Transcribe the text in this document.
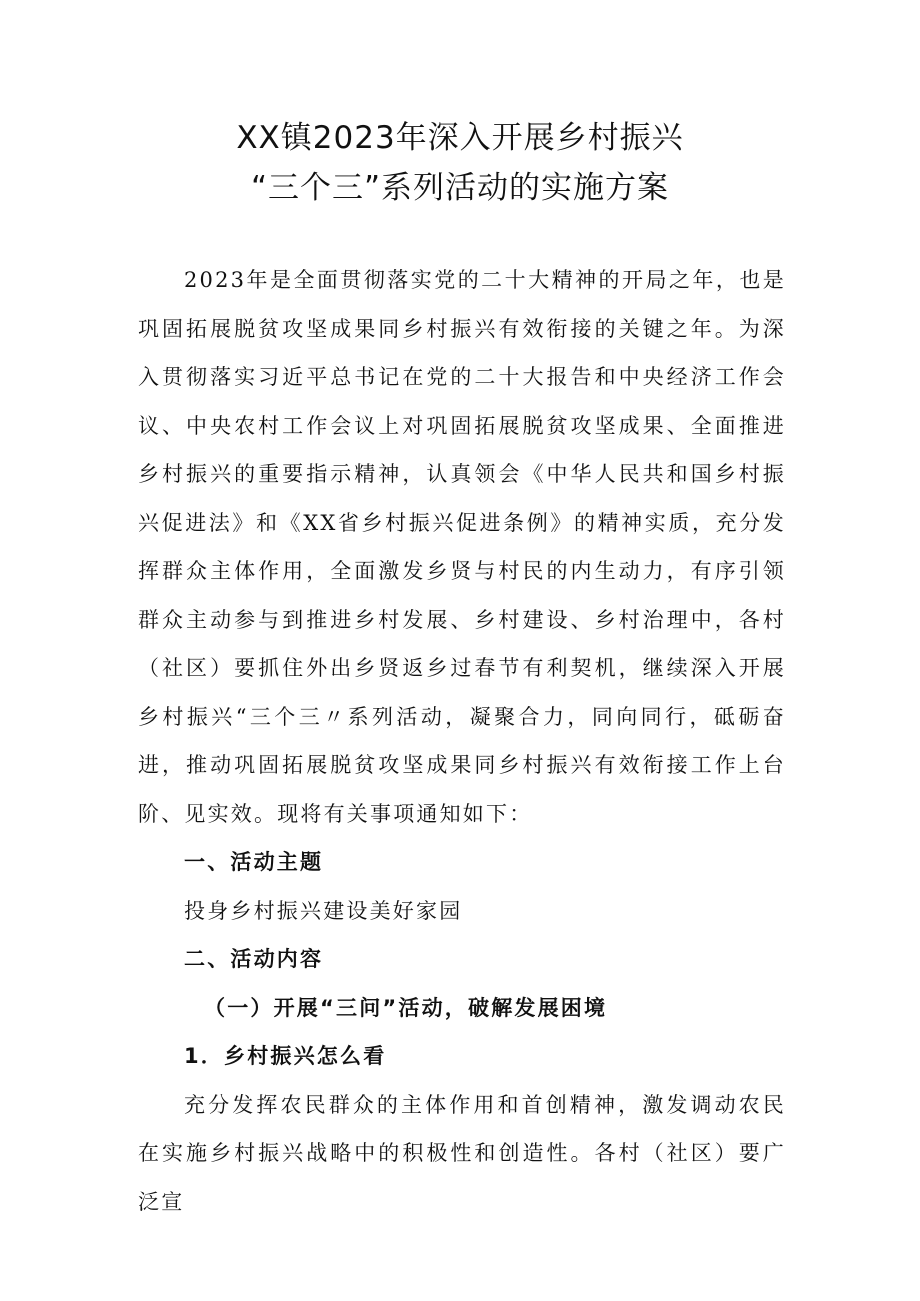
XX镇2023年深入开展乡村振兴
“三个三”系列活动的实施方案

2023年是全面贯彻落实党的二十大精神的开局之年，也是巩固拓展脱贫攻坚成果同乡村振兴有效衔接的关键之年。为深入贯彻落实习近平总书记在党的二十大报告和中央经济工作会议、中央农村工作会议上对巩固拓展脱贫攻坚成果、全面推进乡村振兴的重要指示精神，认真领会《中华人民共和国乡村振兴促进法》和《XX省乡村振兴促进条例》的精神实质，充分发挥群众主体作用，全面激发乡贤与村民的内生动力，有序引领群众主动参与到推进乡村发展、乡村建设、乡村治理中，各村（社区）要抓住外出乡贤返乡过春节有利契机，继续深入开展乡村振兴“三个三〃系列活动，凝聚合力，同向同行，砥砺奋进，推动巩固拓展脱贫攻坚成果同乡村振兴有效衔接工作上台阶、见实效。现将有关事项通知如下：

一、活动主题

投身乡村振兴建设美好家园

二、活动内容

（一）开展“三问”活动，破解发展困境

1．乡村振兴怎么看

充分发挥农民群众的主体作用和首创精神，激发调动农民在实施乡村振兴战略中的积极性和创造性。各村（社区）要广泛宣
